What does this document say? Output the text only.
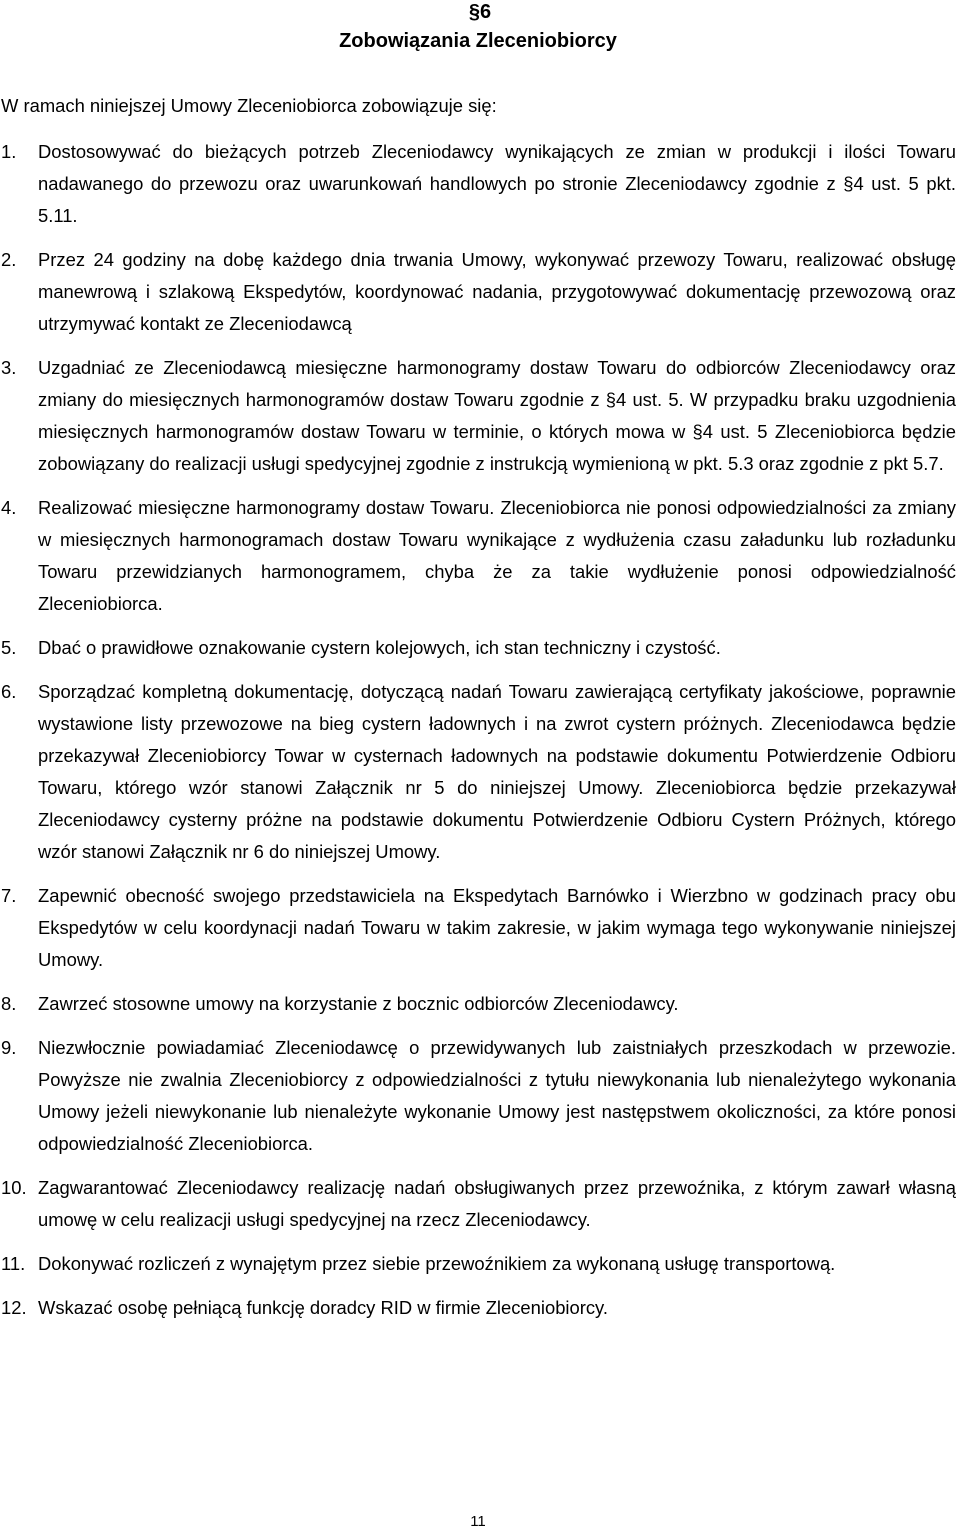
§6
Zobowiązania Zleceniobiorcy
W ramach niniejszej Umowy Zleceniobiorca zobowiązuje się:
1. Dostosowywać do bieżących potrzeb Zleceniodawcy wynikających ze zmian w produkcji i ilości Towaru nadawanego do przewozu oraz uwarunkowań handlowych po stronie Zleceniodawcy zgodnie z §4 ust. 5 pkt. 5.11.
2. Przez 24 godziny na dobę każdego dnia trwania Umowy, wykonywać przewozy Towaru, realizować obsługę manewrową i szlakową Ekspedytów, koordynować nadania, przygotowywać dokumentację przewozową oraz utrzymywać kontakt ze Zleceniodawcą
3. Uzgadniać ze Zleceniodawcą miesięczne harmonogramy dostaw Towaru do odbiorców Zleceniodawcy oraz zmiany do miesięcznych harmonogramów dostaw Towaru zgodnie z §4 ust. 5. W przypadku braku uzgodnienia miesięcznych harmonogramów dostaw Towaru w terminie, o których mowa w §4 ust. 5 Zleceniobiorca będzie zobowiązany do realizacji usługi spedycyjnej zgodnie z instrukcją wymienioną w pkt. 5.3 oraz zgodnie z pkt 5.7.
4. Realizować miesięczne harmonogramy dostaw Towaru. Zleceniobiorca nie ponosi odpowiedzialności za zmiany w miesięcznych harmonogramach dostaw Towaru wynikające z wydłużenia czasu załadunku lub rozładunku Towaru przewidzianych harmonogramem, chyba że za takie wydłużenie ponosi odpowiedzialność Zleceniobiorca.
5. Dbać o prawidłowe oznakowanie cystern kolejowych, ich stan techniczny i czystość.
6. Sporządzać kompletną dokumentację, dotyczącą nadań Towaru zawierającą certyfikaty jakościowe, poprawnie wystawione listy przewozowe na bieg cystern ładownych i na zwrot cystern próżnych. Zleceniodawca będzie przekazywał Zleceniobiorcy Towar w cysternach ładownych na podstawie dokumentu Potwierdzenie Odbioru Towaru, którego wzór stanowi Załącznik nr 5 do niniejszej Umowy. Zleceniobiorca będzie przekazywał Zleceniodawcy cysterny próżne na podstawie dokumentu Potwierdzenie Odbioru Cystern Próżnych, którego wzór stanowi Załącznik nr 6 do niniejszej Umowy.
7. Zapewnić obecność swojego przedstawiciela na Ekspedytach Barnówko i Wierzbno w godzinach pracy obu Ekspedytów w celu koordynacji nadań Towaru w takim zakresie, w jakim wymaga tego wykonywanie niniejszej Umowy.
8. Zawrzeć stosowne umowy na korzystanie z bocznic odbiorców Zleceniodawcy.
9. Niezwłocznie powiadamiać Zleceniodawcę o przewidywanych lub zaistniałych przeszkodach w przewozie. Powyższe nie zwalnia Zleceniobiorcy z odpowiedzialności z tytułu niewykonania lub nienależytego wykonania Umowy jeżeli niewykonanie lub nienależyte wykonanie Umowy jest następstwem okoliczności, za które ponosi odpowiedzialność Zleceniobiorca.
10. Zagwarantować Zleceniodawcy realizację nadań obsługiwanych przez przewoźnika, z którym zawarł własną umowę w celu realizacji usługi spedycyjnej na rzecz Zleceniodawcy.
11. Dokonywać rozliczeń z wynajętym przez siebie przewoźnikiem za wykonaną usługę transportową.
12. Wskazać osobę pełniącą funkcję doradcy RID w firmie Zleceniobiorcy.
11
